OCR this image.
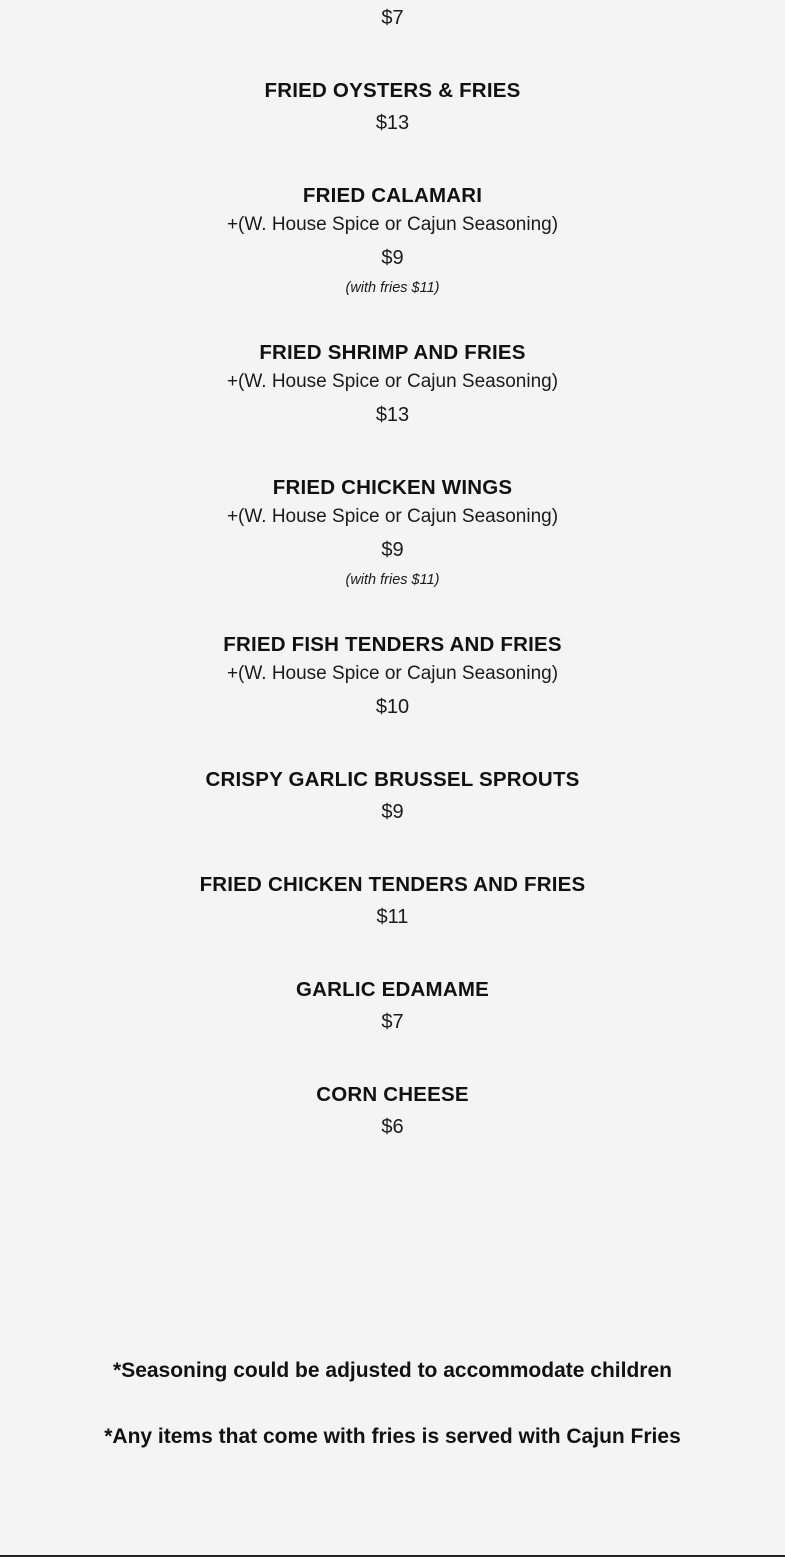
$7
FRIED OYSTERS & FRIES
$13
FRIED CALAMARI
+(W. House Spice or Cajun Seasoning)
$9
(with fries $11)
FRIED SHRIMP AND FRIES
+(W. House Spice or Cajun Seasoning)
$13
FRIED CHICKEN WINGS
+(W. House Spice or Cajun Seasoning)
$9
(with fries $11)
FRIED FISH TENDERS AND FRIES
+(W. House Spice or Cajun Seasoning)
$10
CRISPY GARLIC BRUSSEL SPROUTS
$9
FRIED CHICKEN TENDERS AND FRIES
$11
GARLIC EDAMAME
$7
CORN CHEESE
$6
*Seasoning could be adjusted to accommodate children
*Any items that come with fries is served with Cajun Fries
